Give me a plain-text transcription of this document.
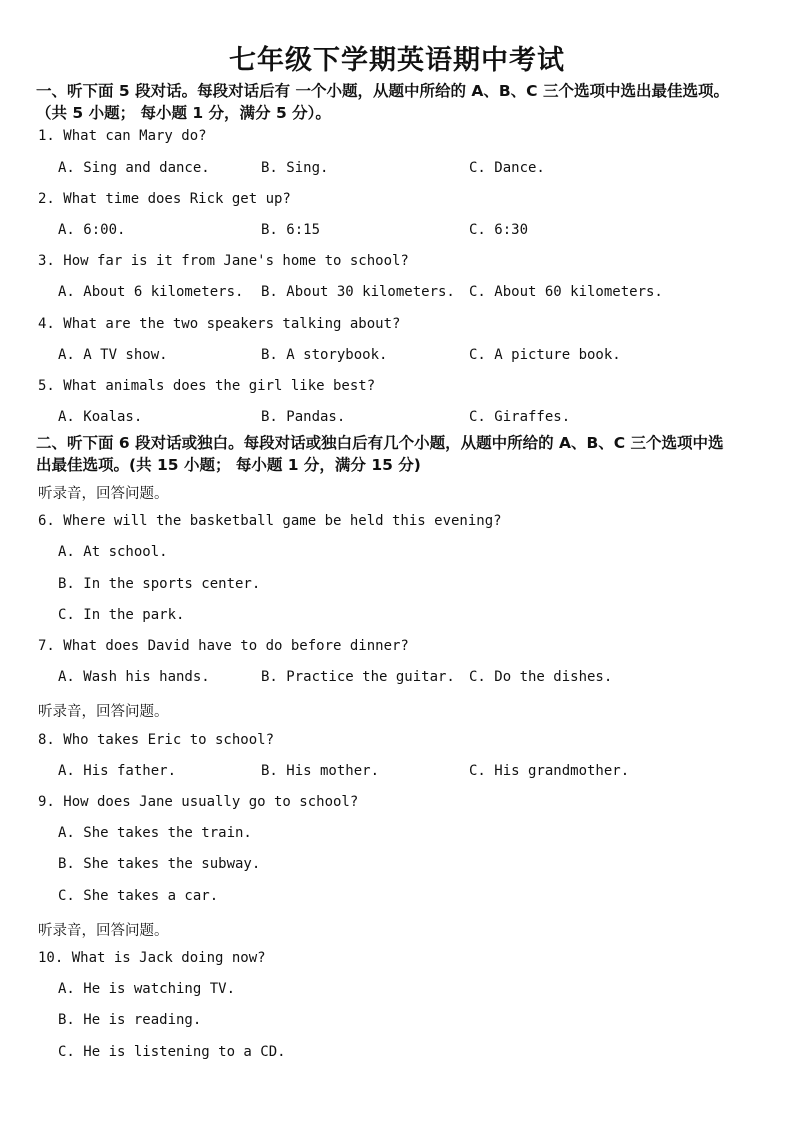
七年级下学期英语期中考试
一、听下面 5 段对话。每段对话后有 一个小题，从题中所给的 A、B、C 三个选项中选出最佳选项。
（共 5 小题； 每小题 1 分，满分 5 分）。
1. What can Mary do?
A. Sing and dance.	B. Sing.	C. Dance.
2. What time does Rick get up?
A. 6:00.	B. 6:15	C. 6:30
3. How far is it from Jane's home to school?
A. About 6 kilometers. B. About 30 kilometers. C. About 60 kilometers.
4. What are the two speakers talking about?
A. A TV show.	B. A storybook.	C. A picture book.
5. What animals does the girl like best?
A. Koalas.	B. Pandas.	C. Giraffes.
二、听下面 6 段对话或独白。每段对话或独白后有几个小题，从题中所给的 A、B、C 三个选项中选
出最佳选项。(共 15 小题； 每小题 1 分，满分 15 分)
听录音，回答问题。
6. Where will the basketball game be held this evening?
A. At school.
B. In the sports center.
C. In the park.
7. What does David have to do before dinner?
A. Wash his hands.	B. Practice the guitar. C. Do the dishes.
听录音，回答问题。
8. Who takes Eric to school?
A. His father.	B. His mother.	C. His grandmother.
9. How does Jane usually go to school?
A. She takes the train.
B. She takes the subway.
C. She takes a car.
听录音，回答问题。
10. What is Jack doing now?
A. He is watching TV.
B. He is reading.
C. He is listening to a CD.
